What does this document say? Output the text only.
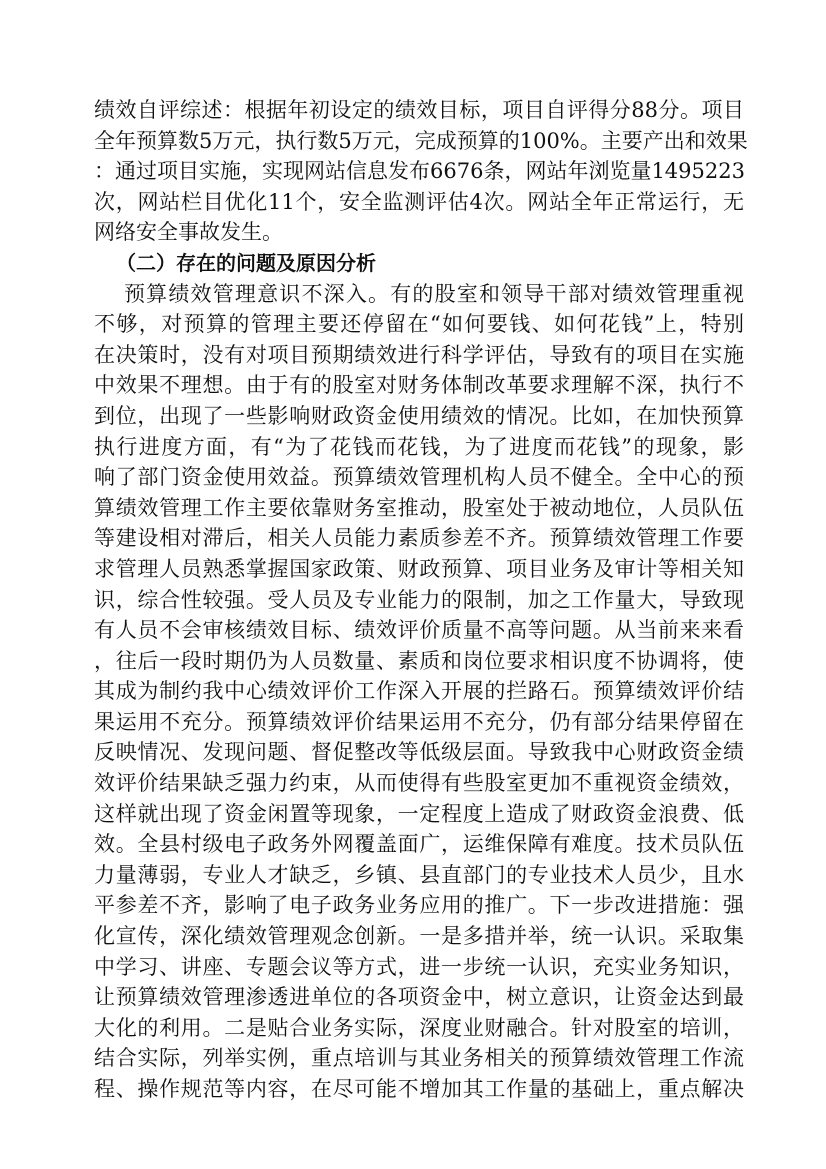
绩效自评综述：根据年初设定的绩效目标，项目自评得分88分。项目
全年预算数5万元，执行数5万元，完成预算的100%。主要产出和效果
：通过项目实施，实现网站信息发布6676条，网站年浏览量1495223
次，网站栏目优化11个，安全监测评估4次。网站全年正常运行，无
网络安全事故发生。
（二）存在的问题及原因分析
预算绩效管理意识不深入。有的股室和领导干部对绩效管理重视
不够，对预算的管理主要还停留在“如何要钱、如何花钱”上，特别
在决策时，没有对项目预期绩效进行科学评估，导致有的项目在实施
中效果不理想。由于有的股室对财务体制改革要求理解不深，执行不
到位，出现了一些影响财政资金使用绩效的情况。比如，在加快预算
执行进度方面，有“为了花钱而花钱，为了进度而花钱”的现象，影
响了部门资金使用效益。预算绩效管理机构人员不健全。全中心的预
算绩效管理工作主要依靠财务室推动，股室处于被动地位，人员队伍
等建设相对滞后，相关人员能力素质参差不齐。预算绩效管理工作要
求管理人员熟悉掌握国家政策、财政预算、项目业务及审计等相关知
识，综合性较强。受人员及专业能力的限制，加之工作量大，导致现
有人员不会审核绩效目标、绩效评价质量不高等问题。从当前来来看
，往后一段时期仍为人员数量、素质和岗位要求相识度不协调将，使
其成为制约我中心绩效评价工作深入开展的拦路石。预算绩效评价结
果运用不充分。预算绩效评价结果运用不充分，仍有部分结果停留在
反映情况、发现问题、督促整改等低级层面。导致我中心财政资金绩
效评价结果缺乏强力约束，从而使得有些股室更加不重视资金绩效，
这样就出现了资金闲置等现象，一定程度上造成了财政资金浪费、低
效。全县村级电子政务外网覆盖面广，运维保障有难度。技术员队伍
力量薄弱，专业人才缺乏，乡镇、县直部门的专业技术人员少，且水
平参差不齐，影响了电子政务业务应用的推广。下一步改进措施：强
化宣传，深化绩效管理观念创新。一是多措并举，统一认识。采取集
中学习、讲座、专题会议等方式，进一步统一认识，充实业务知识，
让预算绩效管理渗透进单位的各项资金中，树立意识，让资金达到最
大化的利用。二是贴合业务实际，深度业财融合。针对股室的培训，
结合实际，列举实例，重点培训与其业务相关的预算绩效管理工作流
程、操作规范等内容，在尽可能不增加其工作量的基础上，重点解决
